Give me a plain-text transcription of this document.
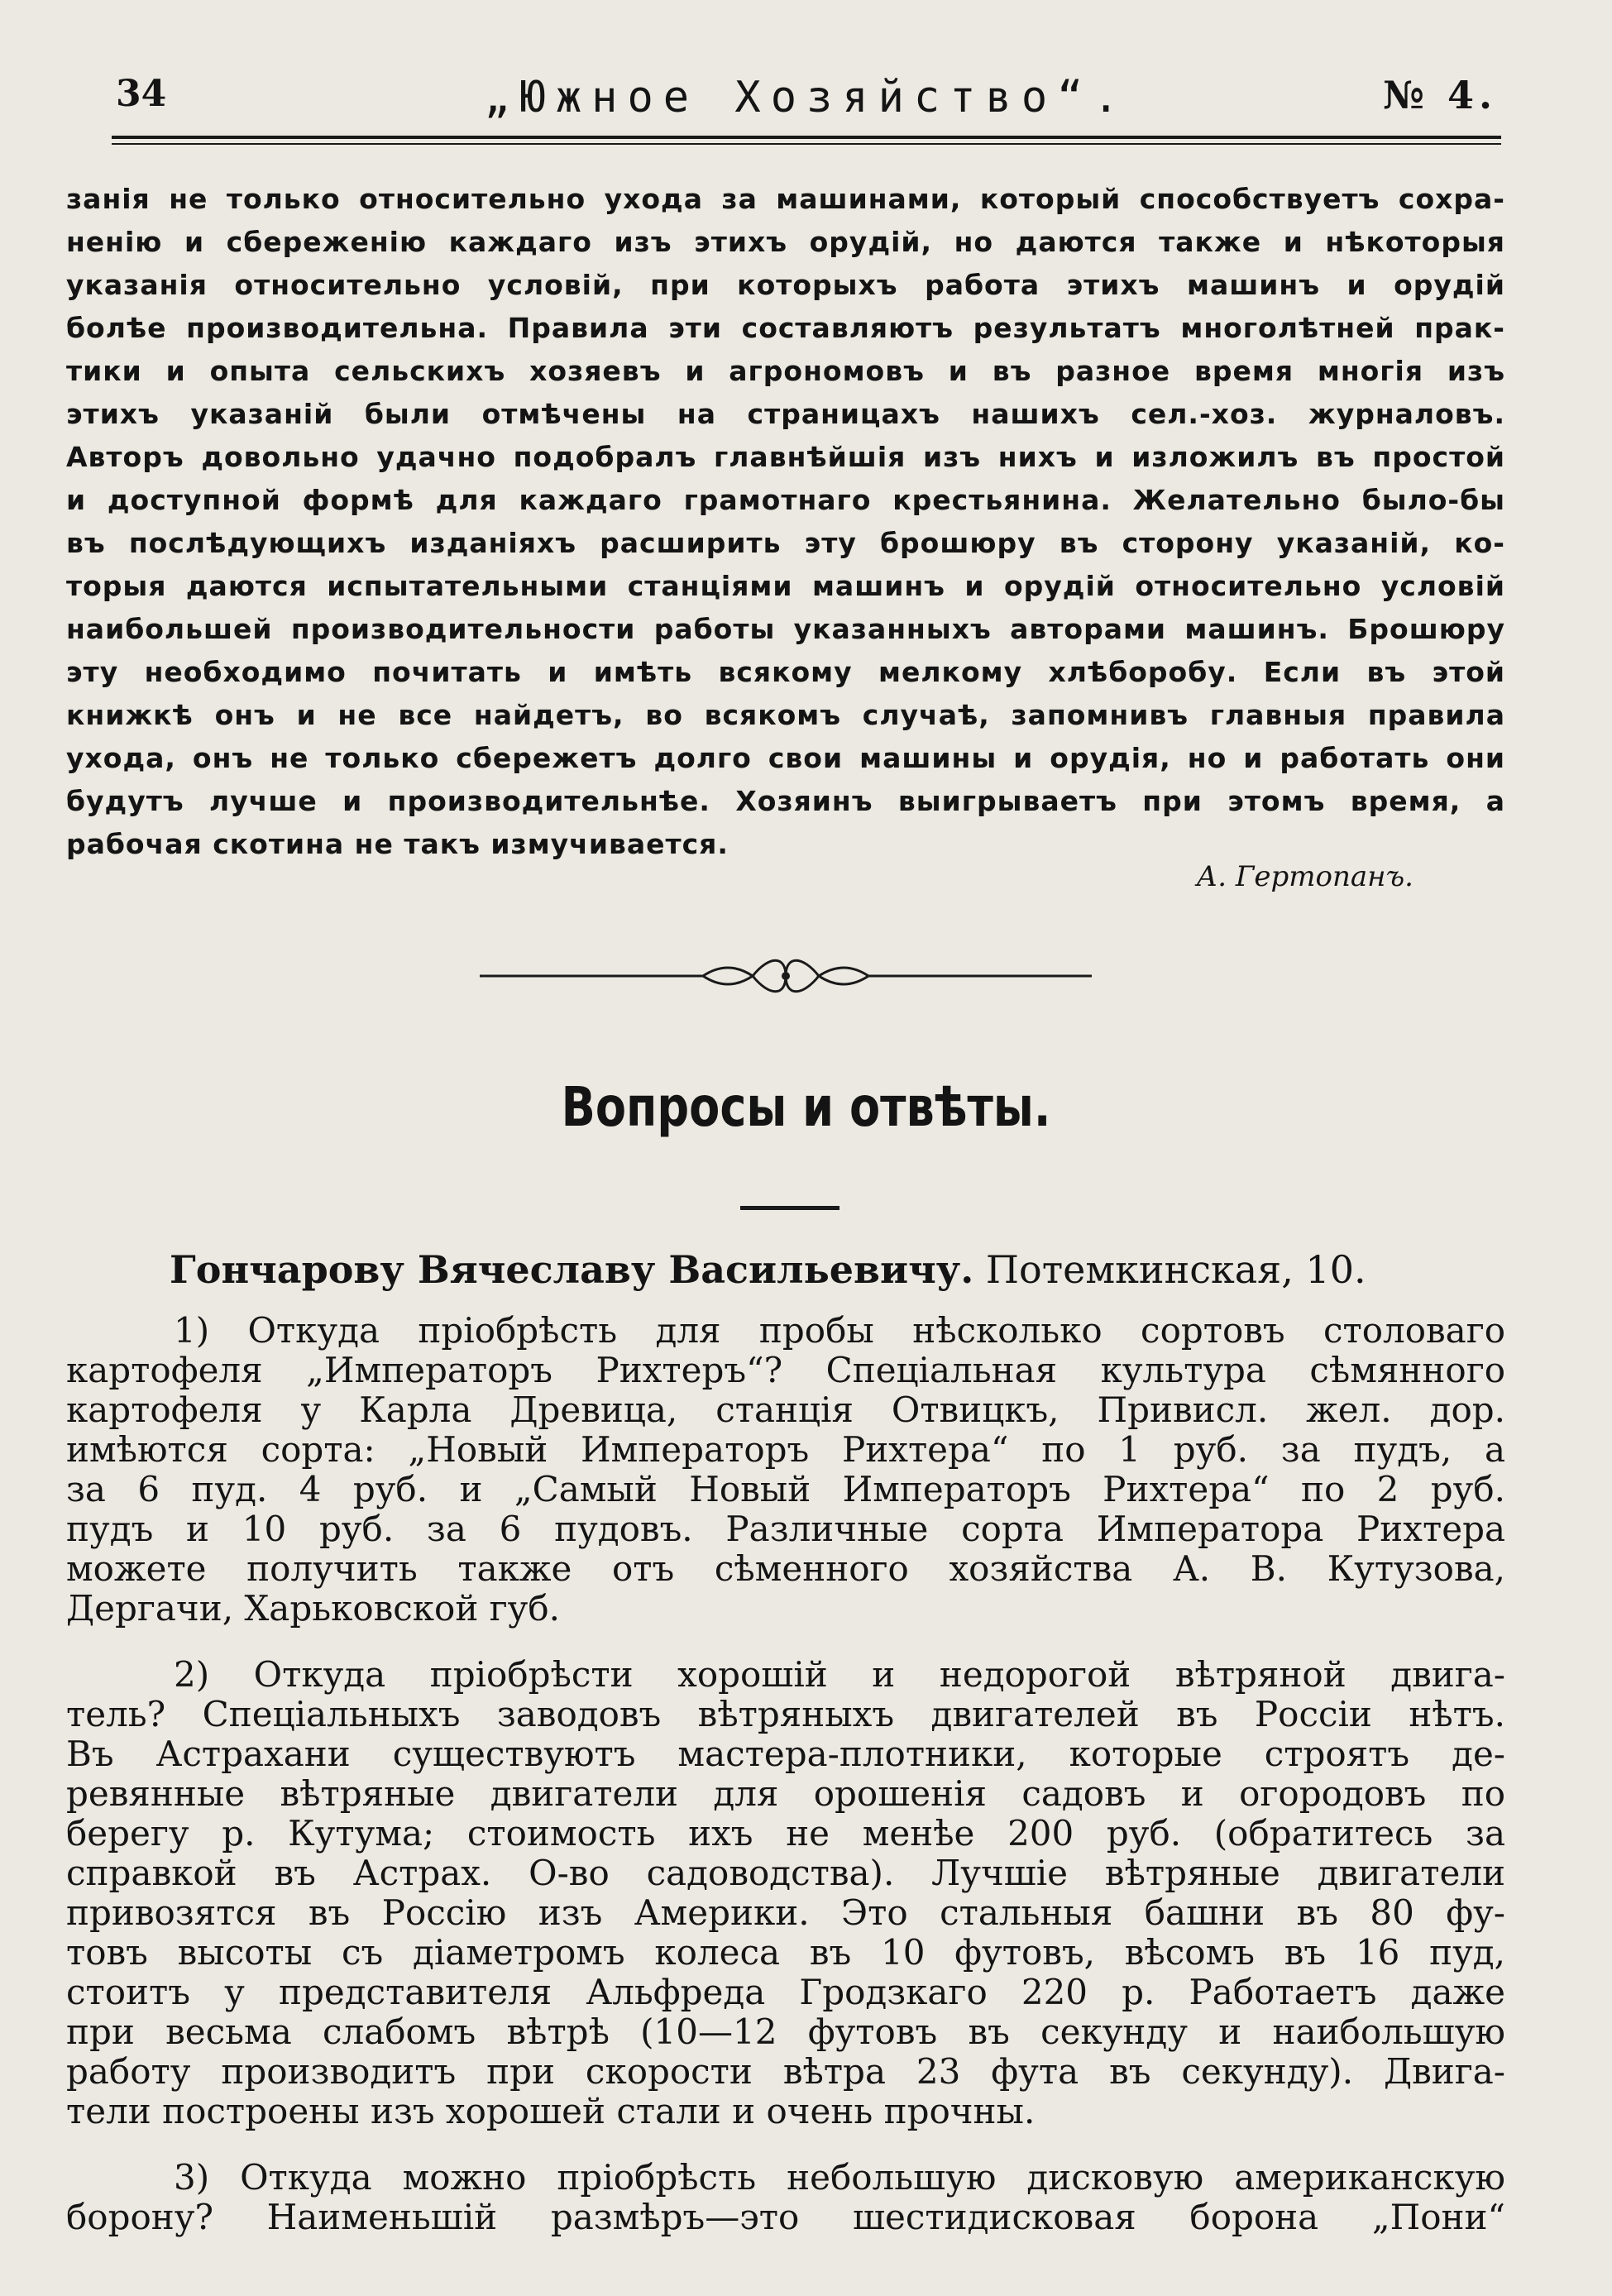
34	„Южное Хозяйство“.	№ 4.
занія не только относительно ухода за машинами, который способствуетъ сохра-
ненію и сбереженію каждаго изъ этихъ орудій, но даются также и нѣкоторыя
указанія относительно условій, при которыхъ работа этихъ машинъ и орудій
болѣе производительна. Правила эти составляютъ результатъ многолѣтней прак-
тики и опыта сельскихъ хозяевъ и агрономовъ и въ разное время многія изъ
этихъ указаній были отмѣчены на страницахъ нашихъ сел.-хоз. журналовъ.
Авторъ довольно удачно подобралъ главнѣйшія изъ нихъ и изложилъ въ простой
и доступной формѣ для каждаго грамотнаго крестьянина. Желательно было-бы
въ послѣдующихъ изданіяхъ расширить эту брошюру въ сторону указаній, ко-
торыя даются испытательными станціями машинъ и орудій относительно условій
наибольшей производительности работы указанныхъ авторами машинъ. Брошюру
эту необходимо почитать и имѣть всякому мелкому хлѣборобу. Если въ этой
книжкѣ онъ и не все найдетъ, во всякомъ случаѣ, запомнивъ главныя правила
ухода, онъ не только сбережетъ долго свои машины и орудія, но и работать они
будутъ лучше и производительнѣе. Хозяинъ выигрываетъ при этомъ время, а
рабочая скотина не такъ измучивается.
А. Гертопанъ.
Вопросы и отвѣты.
Гончарову Вячеславу Васильевичу. Потемкинская, 10.
1) Откуда пріобрѣсть для пробы нѣсколько сортовъ столоваго
картофеля „Императоръ Рихтеръ“? Спеціальная культура сѣмянного
картофеля у Карла Древица, станція Отвицкъ, Привисл. жел. дор.
имѣются сорта: „Новый Императоръ Рихтера“ по 1 руб. за пудъ, а
за 6 пуд. 4 руб. и „Самый Новый Императоръ Рихтера“ по 2 руб.
пудъ и 10 руб. за 6 пудовъ. Различные сорта Императора Рихтера
можете получить также отъ сѣменного хозяйства А. В. Кутузова,
Дергачи, Харьковской губ.
2) Откуда пріобрѣсти хорошій и недорогой вѣтряной двига-
тель? Спеціальныхъ заводовъ вѣтряныхъ двигателей въ Россіи нѣтъ.
Въ Астрахани существуютъ мастера-плотники, которые строятъ де-
ревянные вѣтряные двигатели для орошенія садовъ и огородовъ по
берегу р. Кутума; стоимость ихъ не менѣе 200 руб. (обратитесь за
справкой въ Астрах. О-во садоводства). Лучшіе вѣтряные двигатели
привозятся въ Россію изъ Америки. Это стальныя башни въ 80 фу-
товъ высоты съ діаметромъ колеса въ 10 футовъ, вѣсомъ въ 16 пуд,
стоитъ у представителя Альфреда Гродзкаго 220 р. Работаетъ даже
при весьма слабомъ вѣтрѣ (10—12 футовъ въ секунду и наибольшую
работу производитъ при скорости вѣтра 23 фута въ секунду). Двига-
тели построены изъ хорошей стали и очень прочны.
3) Откуда можно пріобрѣсть небольшую дисковую американскую
борону? Наименьшій размѣръ—это шестидисковая борона „Пони“
